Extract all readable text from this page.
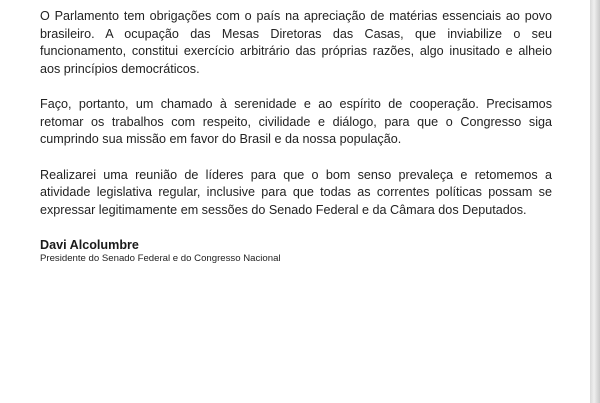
O Parlamento tem obrigações com o país na apreciação de matérias essenciais ao povo brasileiro. A ocupação das Mesas Diretoras das Casas, que inviabilize o seu funcionamento, constitui exercício arbitrário das próprias razões, algo inusitado e alheio aos princípios democráticos.

Faço, portanto, um chamado à serenidade e ao espírito de cooperação. Precisamos retomar os trabalhos com respeito, civilidade e diálogo, para que o Congresso siga cumprindo sua missão em favor do Brasil e da nossa população.

Realizarei uma reunião de líderes para que o bom senso prevaleça e retomemos a atividade legislativa regular, inclusive para que todas as correntes políticas possam se expressar legitimamente em sessões do Senado Federal e da Câmara dos Deputados.

Davi Alcolumbre
Presidente do Senado Federal e do Congresso Nacional
